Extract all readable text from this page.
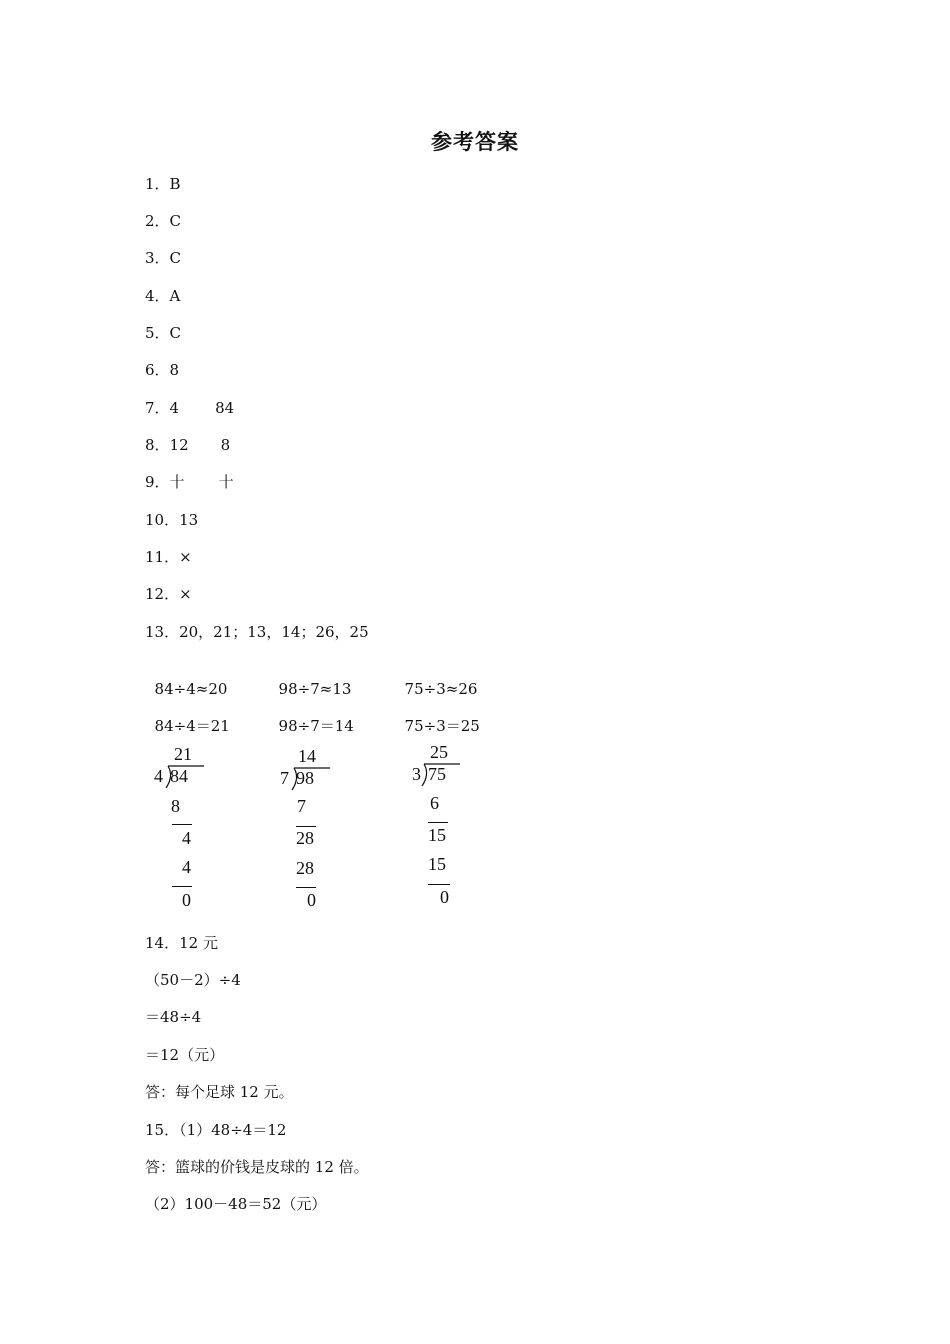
参考答案
1．B
2．C
3．C
4．A
5．C
6．8
7．4 84
8．12 8
9．十 十
10．13
11．×
12．×
13．20，21；13，14；26，25

84÷4≈20	98÷7≈13	75÷3≈26

84÷4＝21	98÷7＝14	75÷3＝25

21
4 84
8
4
4
0
14
7 98
7
28
28
0
25
3 75
6
15
15
0
14．12 元
（50－2）÷4
＝48÷4
＝12（元）
答：每个足球 12 元。
15．（1）48÷4＝12
答：篮球的价钱是皮球的 12 倍。
（2）100－48＝52（元）
